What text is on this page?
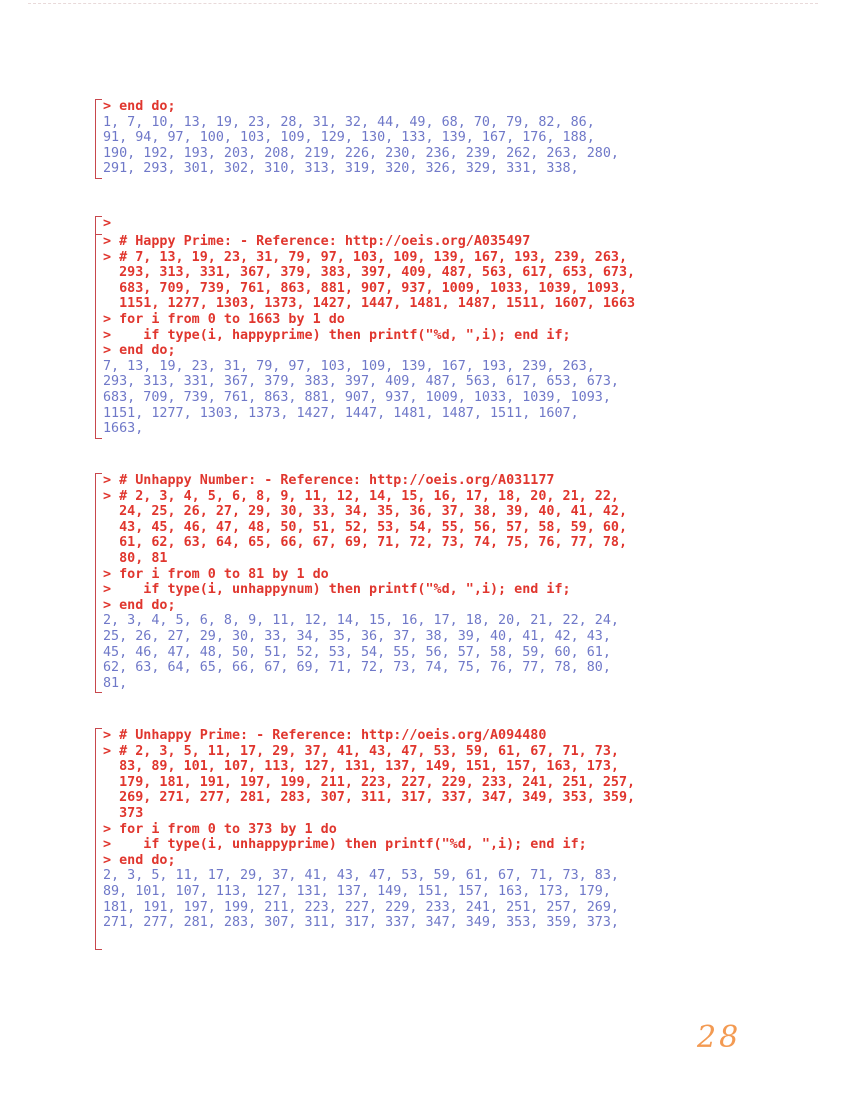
> end do;
1, 7, 10, 13, 19, 23, 28, 31, 32, 44, 49, 68, 70, 79, 82, 86,
91, 94, 97, 100, 103, 109, 129, 130, 133, 139, 167, 176, 188,
190, 192, 193, 203, 208, 219, 226, 230, 236, 239, 262, 263, 280,
291, 293, 301, 302, 310, 313, 319, 320, 326, 329, 331, 338,
>
> # Happy Prime: - Reference: http://oeis.org/A035497
> # 7, 13, 19, 23, 31, 79, 97, 103, 109, 139, 167, 193, 239, 263,
293, 313, 331, 367, 379, 383, 397, 409, 487, 563, 617, 653, 673,
683, 709, 739, 761, 863, 881, 907, 937, 1009, 1033, 1039, 1093,
1151, 1277, 1303, 1373, 1427, 1447, 1481, 1487, 1511, 1607, 1663
> for i from 0 to 1663 by 1 do
>    if type(i, happyprime) then printf("%d, ",i); end if;
> end do;
7, 13, 19, 23, 31, 79, 97, 103, 109, 139, 167, 193, 239, 263,
293, 313, 331, 367, 379, 383, 397, 409, 487, 563, 617, 653, 673,
683, 709, 739, 761, 863, 881, 907, 937, 1009, 1033, 1039, 1093,
1151, 1277, 1303, 1373, 1427, 1447, 1481, 1487, 1511, 1607,
1663,
> # Unhappy Number: - Reference: http://oeis.org/A031177
> # 2, 3, 4, 5, 6, 8, 9, 11, 12, 14, 15, 16, 17, 18, 20, 21, 22,
24, 25, 26, 27, 29, 30, 33, 34, 35, 36, 37, 38, 39, 40, 41, 42,
43, 45, 46, 47, 48, 50, 51, 52, 53, 54, 55, 56, 57, 58, 59, 60,
61, 62, 63, 64, 65, 66, 67, 69, 71, 72, 73, 74, 75, 76, 77, 78,
80, 81
> for i from 0 to 81 by 1 do
>    if type(i, unhappynum) then printf("%d, ",i); end if;
> end do;
2, 3, 4, 5, 6, 8, 9, 11, 12, 14, 15, 16, 17, 18, 20, 21, 22, 24,
25, 26, 27, 29, 30, 33, 34, 35, 36, 37, 38, 39, 40, 41, 42, 43,
45, 46, 47, 48, 50, 51, 52, 53, 54, 55, 56, 57, 58, 59, 60, 61,
62, 63, 64, 65, 66, 67, 69, 71, 72, 73, 74, 75, 76, 77, 78, 80,
81,
> # Unhappy Prime: - Reference: http://oeis.org/A094480
> # 2, 3, 5, 11, 17, 29, 37, 41, 43, 47, 53, 59, 61, 67, 71, 73,
83, 89, 101, 107, 113, 127, 131, 137, 149, 151, 157, 163, 173,
179, 181, 191, 197, 199, 211, 223, 227, 229, 233, 241, 251, 257,
269, 271, 277, 281, 283, 307, 311, 317, 337, 347, 349, 353, 359,
373
> for i from 0 to 373 by 1 do
>    if type(i, unhappyprime) then printf("%d, ",i); end if;
> end do;
2, 3, 5, 11, 17, 29, 37, 41, 43, 47, 53, 59, 61, 67, 71, 73, 83,
89, 101, 107, 113, 127, 131, 137, 149, 151, 157, 163, 173, 179,
181, 191, 197, 199, 211, 223, 227, 229, 233, 241, 251, 257, 269,
271, 277, 281, 283, 307, 311, 317, 337, 347, 349, 353, 359, 373,
28
